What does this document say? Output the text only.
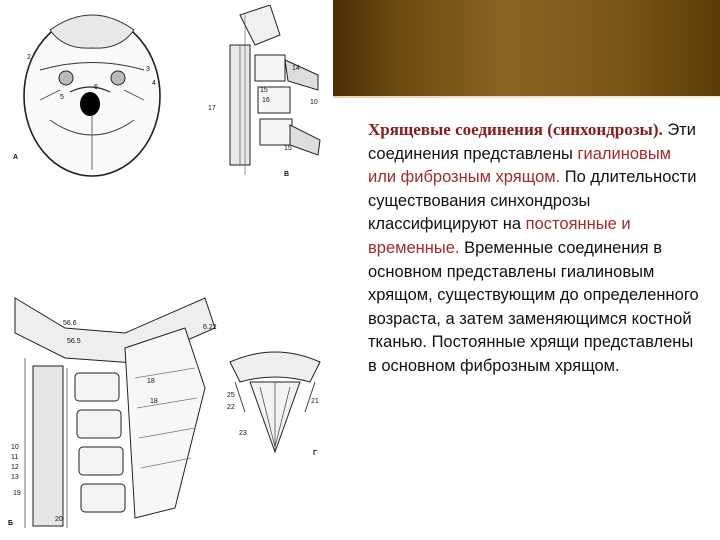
А
2
3
4
5
6
В
14
15
16
17
10
15
Б
56.6
56.5
6.22
18
18
10
11
12
13
19
20
Г
25
22
23
21
Хрящевые соединения (синхондрозы). Эти соединения представлены гиалиновым или фиброзным хрящом. По длительности существования синхондрозы классифицируют на постоянные и временные. Временные соединения в основном представлены гиалиновым хрящом, существующим до определенного возраста, а затем заменяющимся костной тканью. Постоянные хрящи представлены в основном фиброзным хрящом.
